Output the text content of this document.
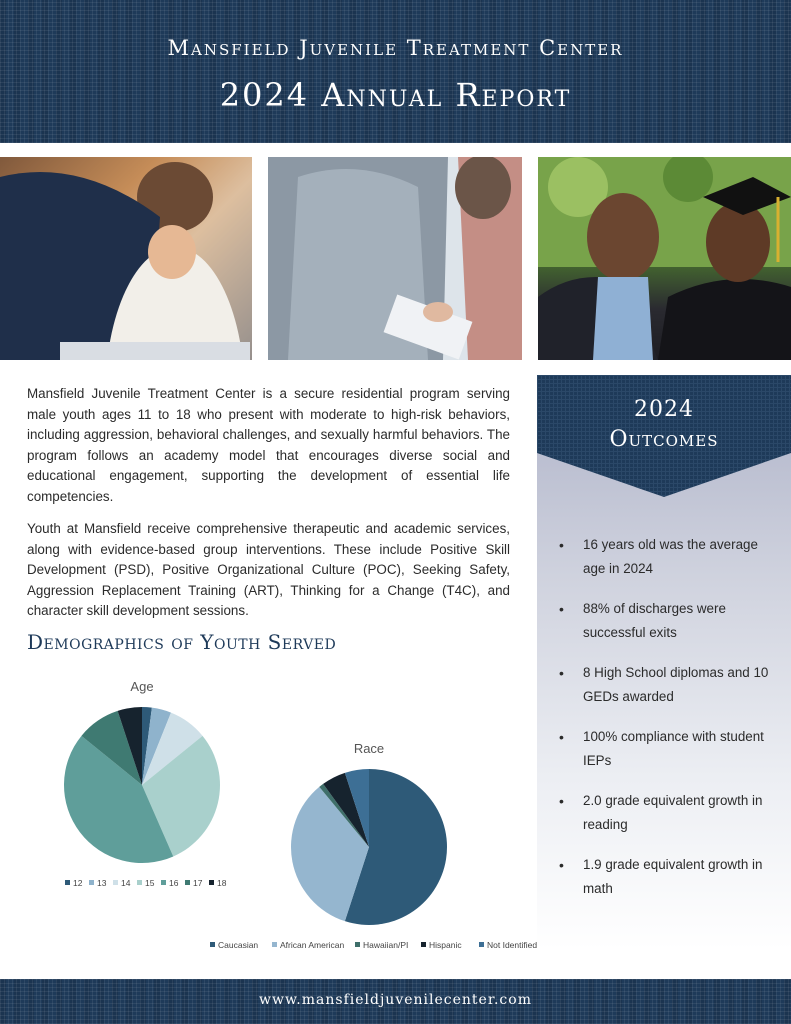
Mansfield Juvenile Treatment Center
2024 Annual Report

Mansfield Juvenile Treatment Center is a secure residential program serving male youth ages 11 to 18 who present with moderate to high-risk behaviors, including aggression, behavioral challenges, and sexually harmful behaviors. The program follows an academy model that encourages diverse social and educational engagement, supporting the development of essential life competencies.

Youth at Mansfield receive comprehensive therapeutic and academic services, along with evidence-based group interventions. These include Positive Skill Development (PSD), Positive Organizational Culture (POC), Seeking Safety, Aggression Replacement Training (ART), Thinking for a Change (T4C), and character skill development sessions.

Demographics of Youth Served
Age
12 13 14 15 16 17 18
Race
Caucasian	African American Hawaiian/PI Hispanic	Not Identified
2024
Outcomes
• 16 years old was the average age in 2024
• 88% of discharges were successful exits
• 8 High School diplomas and 10 GEDs awarded
• 100% compliance with student IEPs
• 2.0 grade equivalent growth in reading
• 1.9 grade equivalent growth in math
www.mansfieldjuvenilecenter.com
